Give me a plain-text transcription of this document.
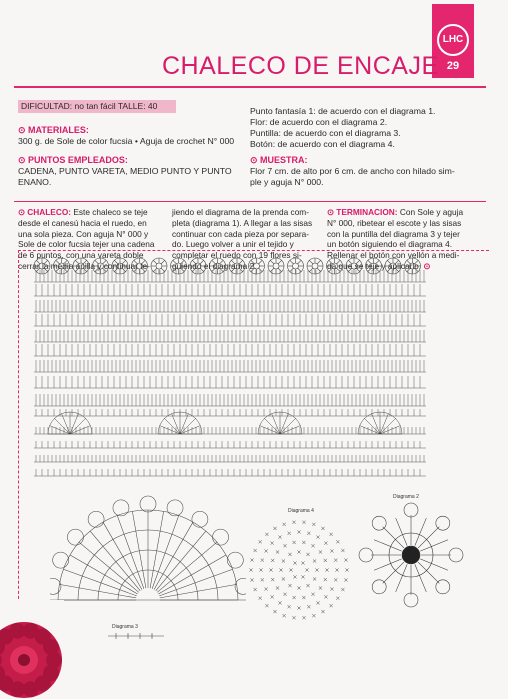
LHC
29
CHALECO DE ENCAJE
DIFICULTAD: no tan fácil TALLE: 40
⊙ MATERIALES:
300 g. de Sole de color fucsia • Aguja de crochet N° 000
⊙ PUNTOS EMPLEADOS:
CADENA, PUNTO VARETA, MEDIO PUNTO Y PUNTO
ENANO.
Punto fantasía 1: de acuerdo con el diagrama 1.
Flor: de acuerdo con el diagrama 2.
Puntilla: de acuerdo con el diagrama 3.
Botón: de acuerdo con el diagrama 4.
⊙ MUESTRA:
Flor 7 cm. de alto por 6 cm. de ancho con hilado sim-
ple y aguja N° 000.
⊙ CHALECO: Este chaleco se teje
desde el canesú hacia el ruedo, en
una sola pieza. Con aguja N° 000 y
Sole de color fucsia tejer una cadena
de 6 puntos, con una vareta doble
cerrar la media anilla y continuar te-
jiendo el diagrama de la prenda com-
pleta (diagrama 1). A llegar a las sisas
continuar con cada pieza por separa-
do. Luego volver a unir el tejido y
completar el ruedo con 19 flores si-
guiendo el diagrama 2.
⊙ TERMINACION: Con Sole y aguja
N° 000, ribetear el escote y las sisas
con la puntilla del diagrama 3 y tejer
un botón siguiendo el diagrama 4.
Rellenar el botón con vellón a medi-
da que se teje y aplicarlo. ⊙
Diagrama 3
Diagrama 4
Diagrama 2
